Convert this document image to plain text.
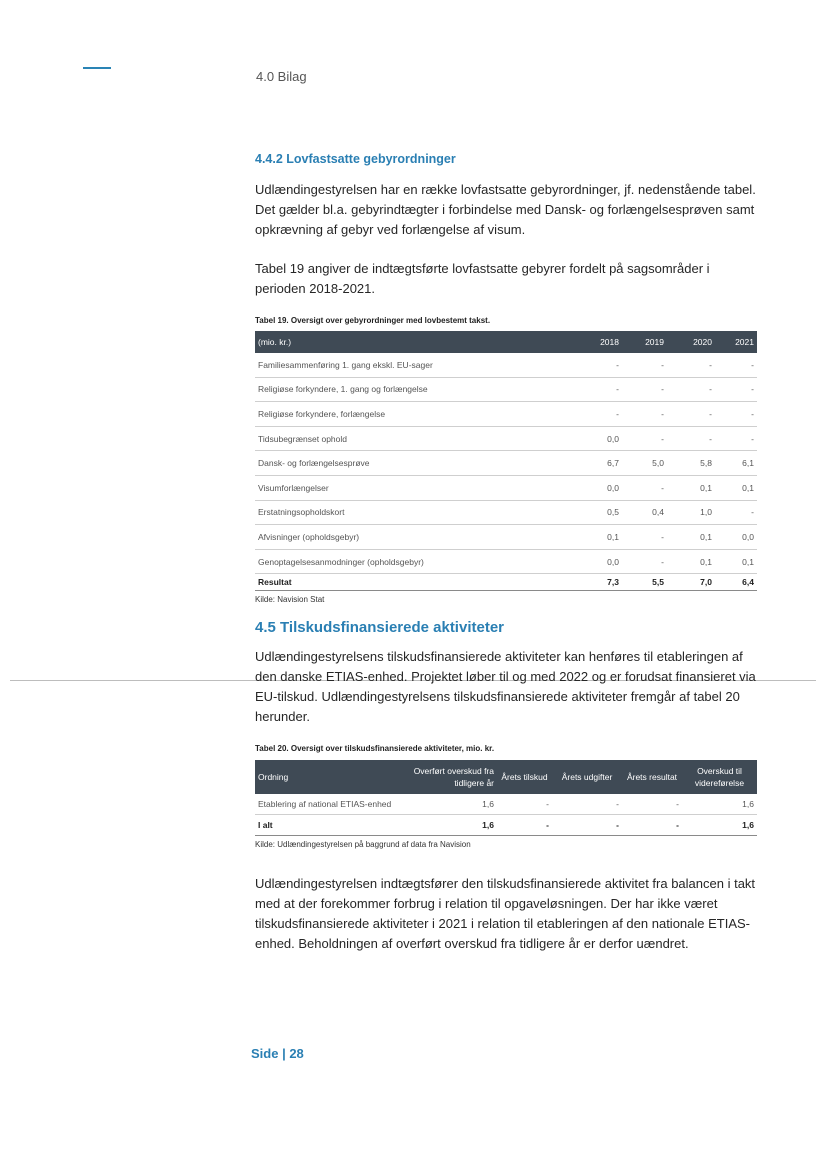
4.0 Bilag
4.4.2 Lovfastsatte gebyrordninger

Udlændingestyrelsen har en række lovfastsatte gebyrordninger, jf. nedenstående tabel. Det gælder bl.a. gebyrindtægter i forbindelse med Dansk- og forlængelsesprøven samt opkrævning af gebyr ved forlængelse af visum.

Tabel 19 angiver de indtægtsførte lovfastsatte gebyrer fordelt på sagsområder i perioden 2018-2021.

Tabel 19. Oversigt over gebyrordninger med lovbestemt takst.
(mio. kr.)	2018	2019	2020	2021
Familiesammenføring 1. gang ekskl. EU-sager	-	-	-	-
Religiøse forkyndere, 1. gang og forlængelse	-	-	-	-
Religiøse forkyndere, forlængelse	-	-	-	-
Tidsubegrænset ophold	0,0	-	-	-
Dansk- og forlængelsesprøve	6,7	5,0	5,8	6,1
Visumforlængelser	0,0	-	0,1	0,1
Erstatningsopholdskort	0,5	0,4	1,0	-
Afvisninger (opholdsgebyr)	0,1	-	0,1	0,0
Genoptagelsesanmodninger (opholdsgebyr)	0,0	-	0,1	0,1
Resultat	7,3	5,5	7,0	6,4
Kilde: Navision Stat
4.5 Tilskudsfinansierede aktiviteter

Udlændingestyrelsens tilskudsfinansierede aktiviteter kan henføres til etableringen af den danske ETIAS-enhed. Projektet løber til og med 2022 og er forudsat finansieret via EU-tilskud. Udlændingestyrelsens tilskudsfinansierede aktiviteter fremgår af tabel 20 herunder.

Tabel 20. Oversigt over tilskudsfinansierede aktiviteter, mio. kr.
Ordning	Overført overskud fra tidligere år	Årets tilskud	Årets udgifter	Årets resultat	Overskud til videreførelse
Etablering af national ETIAS-enhed	1,6	-	-	-	1,6
I alt	1,6	-	-	-	1,6
Kilde: Udlændingestyrelsen på baggrund af data fra Navision

Udlændingestyrelsen indtægtsfører den tilskudsfinansierede aktivitet fra balancen i takt med at der forekommer forbrug i relation til opgaveløsningen. Der har ikke været tilskudsfinansierede aktiviteter i 2021 i relation til etableringen af den nationale ETIAS-enhed. Beholdningen af overført overskud fra tidligere år er derfor uændret.

Side | 28
